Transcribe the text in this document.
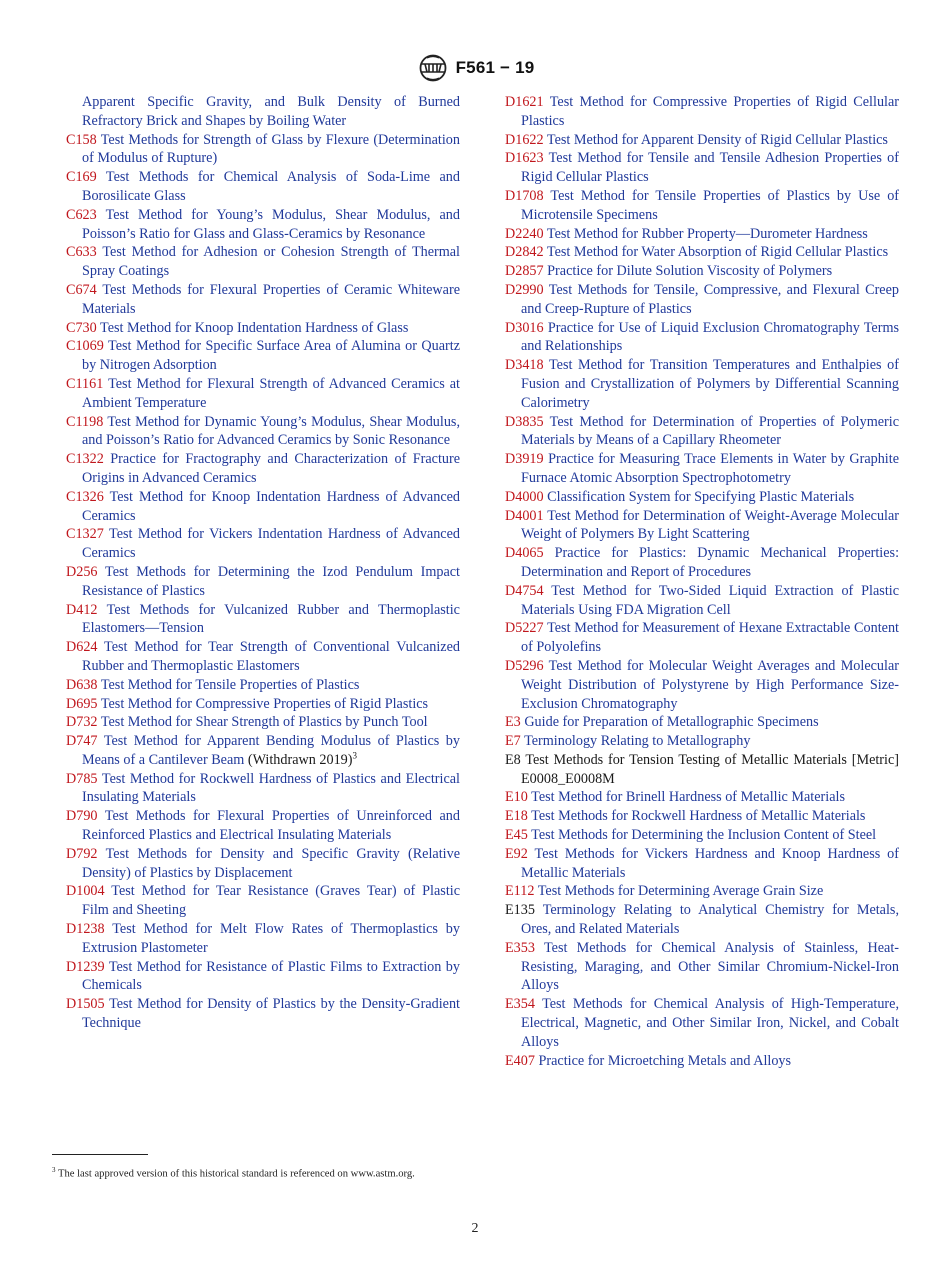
F561 − 19

Apparent Specific Gravity, and Bulk Density of Burned Refractory Brick and Shapes by Boiling Water

C158 Test Methods for Strength of Glass by Flexure (Determination of Modulus of Rupture)

C169 Test Methods for Chemical Analysis of Soda-Lime and Borosilicate Glass

C623 Test Method for Young’s Modulus, Shear Modulus, and Poisson’s Ratio for Glass and Glass-Ceramics by Resonance

C633 Test Method for Adhesion or Cohesion Strength of Thermal Spray Coatings

C674 Test Methods for Flexural Properties of Ceramic Whiteware Materials

C730 Test Method for Knoop Indentation Hardness of Glass

C1069 Test Method for Specific Surface Area of Alumina or Quartz by Nitrogen Adsorption

C1161 Test Method for Flexural Strength of Advanced Ceramics at Ambient Temperature

C1198 Test Method for Dynamic Young’s Modulus, Shear Modulus, and Poisson’s Ratio for Advanced Ceramics by Sonic Resonance

C1322 Practice for Fractography and Characterization of Fracture Origins in Advanced Ceramics

C1326 Test Method for Knoop Indentation Hardness of Advanced Ceramics

C1327 Test Method for Vickers Indentation Hardness of Advanced Ceramics

D256 Test Methods for Determining the Izod Pendulum Impact Resistance of Plastics

D412 Test Methods for Vulcanized Rubber and Thermoplastic Elastomers—Tension

D624 Test Method for Tear Strength of Conventional Vulcanized Rubber and Thermoplastic Elastomers

D638 Test Method for Tensile Properties of Plastics

D695 Test Method for Compressive Properties of Rigid Plastics

D732 Test Method for Shear Strength of Plastics by Punch Tool

D747 Test Method for Apparent Bending Modulus of Plastics by Means of a Cantilever Beam (Withdrawn 2019)$^3$

D785 Test Method for Rockwell Hardness of Plastics and Electrical Insulating Materials

D790 Test Methods for Flexural Properties of Unreinforced and Reinforced Plastics and Electrical Insulating Materials

D792 Test Methods for Density and Specific Gravity (Relative Density) of Plastics by Displacement

D1004 Test Method for Tear Resistance (Graves Tear) of Plastic Film and Sheeting

D1238 Test Method for Melt Flow Rates of Thermoplastics by Extrusion Plastometer

D1239 Test Method for Resistance of Plastic Films to Extraction by Chemicals

D1505 Test Method for Density of Plastics by the Density-Gradient Technique

D1621 Test Method for Compressive Properties of Rigid Cellular Plastics

D1622 Test Method for Apparent Density of Rigid Cellular Plastics

D1623 Test Method for Tensile and Tensile Adhesion Properties of Rigid Cellular Plastics

D1708 Test Method for Tensile Properties of Plastics by Use of Microtensile Specimens

D2240 Test Method for Rubber Property—Durometer Hardness

D2842 Test Method for Water Absorption of Rigid Cellular Plastics

D2857 Practice for Dilute Solution Viscosity of Polymers

D2990 Test Methods for Tensile, Compressive, and Flexural Creep and Creep-Rupture of Plastics

D3016 Practice for Use of Liquid Exclusion Chromatography Terms and Relationships

D3418 Test Method for Transition Temperatures and Enthalpies of Fusion and Crystallization of Polymers by Differential Scanning Calorimetry

D3835 Test Method for Determination of Properties of Polymeric Materials by Means of a Capillary Rheometer

D3919 Practice for Measuring Trace Elements in Water by Graphite Furnace Atomic Absorption Spectrophotometry

D4000 Classification System for Specifying Plastic Materials

D4001 Test Method for Determination of Weight-Average Molecular Weight of Polymers By Light Scattering

D4065 Practice for Plastics: Dynamic Mechanical Properties: Determination and Report of Procedures

D4754 Test Method for Two-Sided Liquid Extraction of Plastic Materials Using FDA Migration Cell

D5227 Test Method for Measurement of Hexane Extractable Content of Polyolefins

D5296 Test Method for Molecular Weight Averages and Molecular Weight Distribution of Polystyrene by High Performance Size-Exclusion Chromatography

E3 Guide for Preparation of Metallographic Specimens

E7 Terminology Relating to Metallography

E8 Test Methods for Tension Testing of Metallic Materials [Metric] E0008_E0008M

E10 Test Method for Brinell Hardness of Metallic Materials

E18 Test Methods for Rockwell Hardness of Metallic Materials

E45 Test Methods for Determining the Inclusion Content of Steel

E92 Test Methods for Vickers Hardness and Knoop Hardness of Metallic Materials

E112 Test Methods for Determining Average Grain Size

E135 Terminology Relating to Analytical Chemistry for Metals, Ores, and Related Materials

E353 Test Methods for Chemical Analysis of Stainless, Heat-Resisting, Maraging, and Other Similar Chromium-Nickel-Iron Alloys

E354 Test Methods for Chemical Analysis of High-Temperature, Electrical, Magnetic, and Other Similar Iron, Nickel, and Cobalt Alloys

E407 Practice for Microetching Metals and Alloys

$^3$ The last approved version of this historical standard is referenced on www.astm.org.
2
